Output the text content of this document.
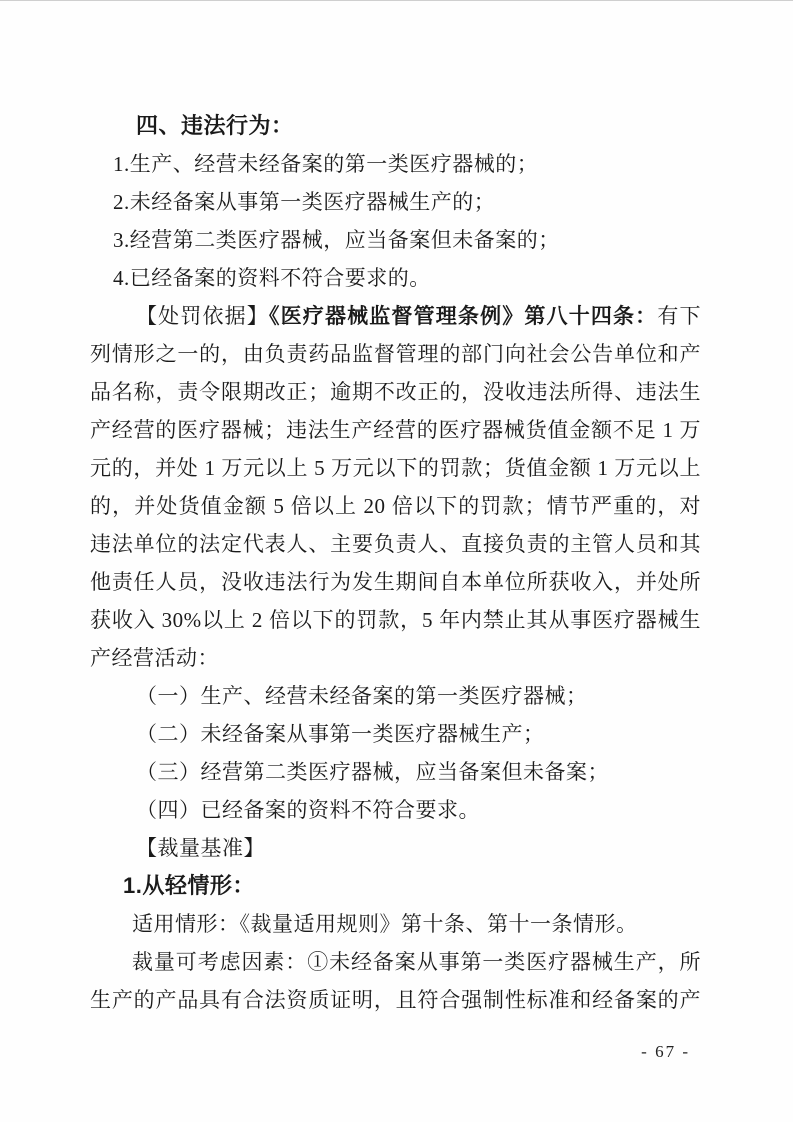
四、违法行为：
1.生产、经营未经备案的第一类医疗器械的；
2.未经备案从事第一类医疗器械生产的；
3.经营第二类医疗器械，应当备案但未备案的；
4.已经备案的资料不符合要求的。
【处罚依据】《医疗器械监督管理条例》第八十四条：有下
列情形之一的，由负责药品监督管理的部门向社会公告单位和产
品名称，责令限期改正；逾期不改正的，没收违法所得、违法生
产经营的医疗器械；违法生产经营的医疗器械货值金额不足 1 万
元的，并处 1 万元以上 5 万元以下的罚款；货值金额 1 万元以上
的，并处货值金额 5 倍以上 20 倍以下的罚款；情节严重的，对
违法单位的法定代表人、主要负责人、直接负责的主管人员和其
他责任人员，没收违法行为发生期间自本单位所获收入，并处所
获收入 30%以上 2 倍以下的罚款，5 年内禁止其从事医疗器械生
产经营活动：
（一）生产、经营未经备案的第一类医疗器械；
（二）未经备案从事第一类医疗器械生产；
（三）经营第二类医疗器械，应当备案但未备案；
（四）已经备案的资料不符合要求。
【裁量基准】
1.从轻情形：
适用情形：《裁量适用规则》第十条、第十一条情形。
裁量可考虑因素：①未经备案从事第一类医疗器械生产，所
生产的产品具有合法资质证明，且符合强制性标准和经备案的产
- 67 -
